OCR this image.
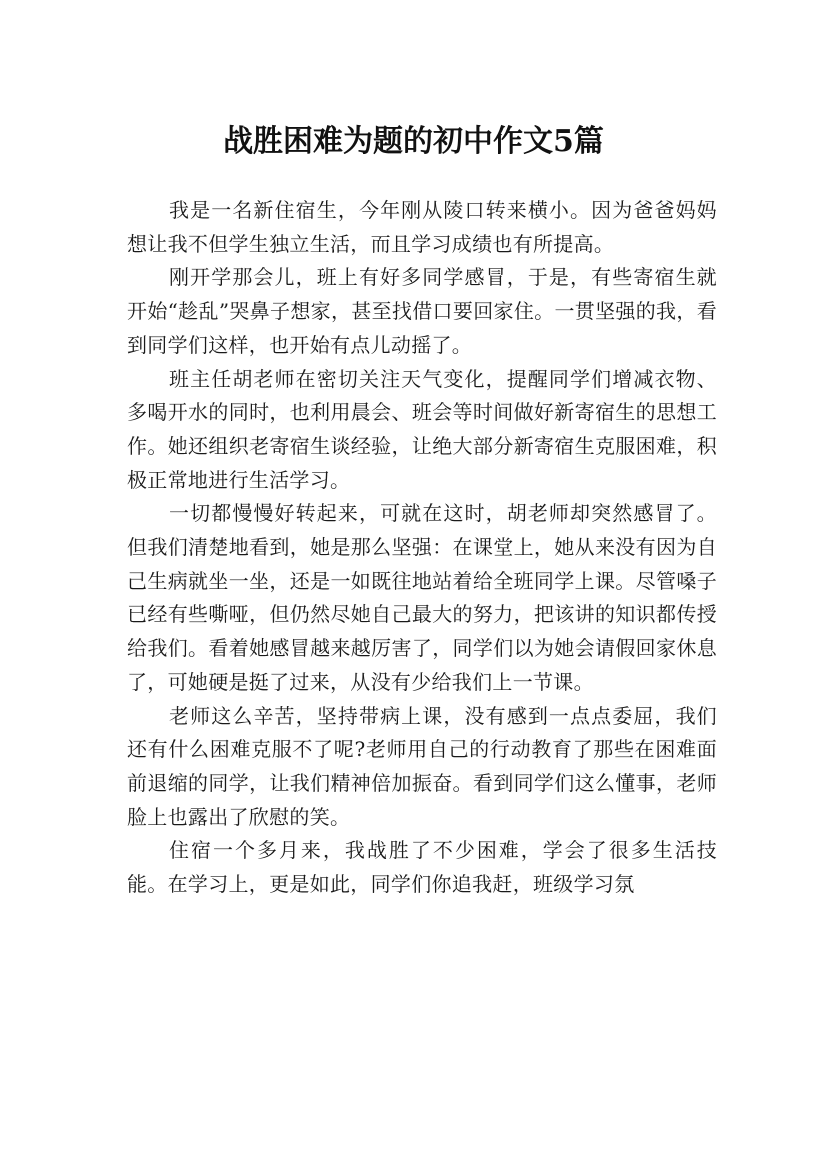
战胜困难为题的初中作文5篇

我是一名新住宿生，今年刚从陵口转来横小。因为爸爸妈妈想让我不但学生独立生活，而且学习成绩也有所提高。

刚开学那会儿，班上有好多同学感冒，于是，有些寄宿生就开始“趁乱”哭鼻子想家，甚至找借口要回家住。一贯坚强的我，看到同学们这样，也开始有点儿动摇了。

班主任胡老师在密切关注天气变化，提醒同学们增减衣物、多喝开水的同时，也利用晨会、班会等时间做好新寄宿生的思想工作。她还组织老寄宿生谈经验，让绝大部分新寄宿生克服困难，积极正常地进行生活学习。

一切都慢慢好转起来，可就在这时，胡老师却突然感冒了。但我们清楚地看到，她是那么坚强：在课堂上，她从来没有因为自己生病就坐一坐，还是一如既往地站着给全班同学上课。尽管嗓子已经有些嘶哑，但仍然尽她自己最大的努力，把该讲的知识都传授给我们。看着她感冒越来越厉害了，同学们以为她会请假回家休息了，可她硬是挺了过来，从没有少给我们上一节课。

老师这么辛苦，坚持带病上课，没有感到一点点委屈，我们还有什么困难克服不了呢?老师用自己的行动教育了那些在困难面前退缩的同学，让我们精神倍加振奋。看到同学们这么懂事，老师脸上也露出了欣慰的笑。

住宿一个多月来，我战胜了不少困难，学会了很多生活技能。在学习上，更是如此，同学们你追我赶，班级学习氛
